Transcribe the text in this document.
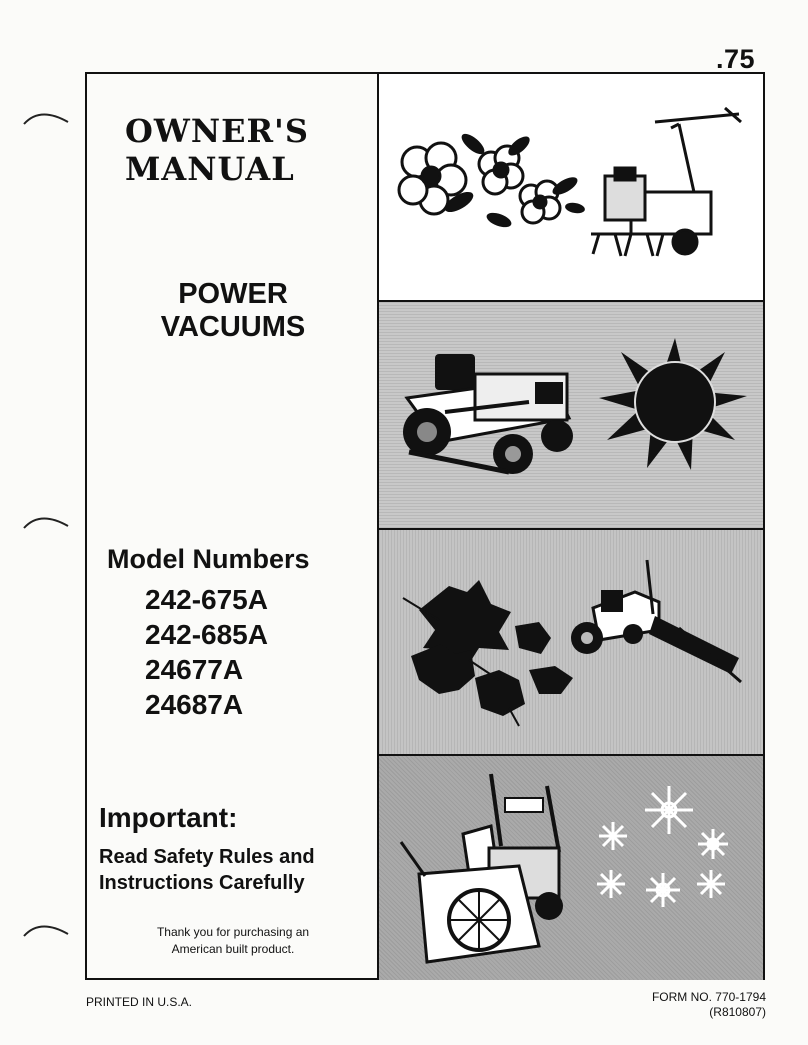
.75
OWNER'S
MANUAL
POWER
VACUUMS
Model Numbers
242-675A
242-685A
24677A
24687A
Important:
Read Safety Rules and
Instructions Carefully
Thank you for purchasing an
American built product.
PRINTED IN U.S.A.	FORM NO. 770-1794
(R810807)
